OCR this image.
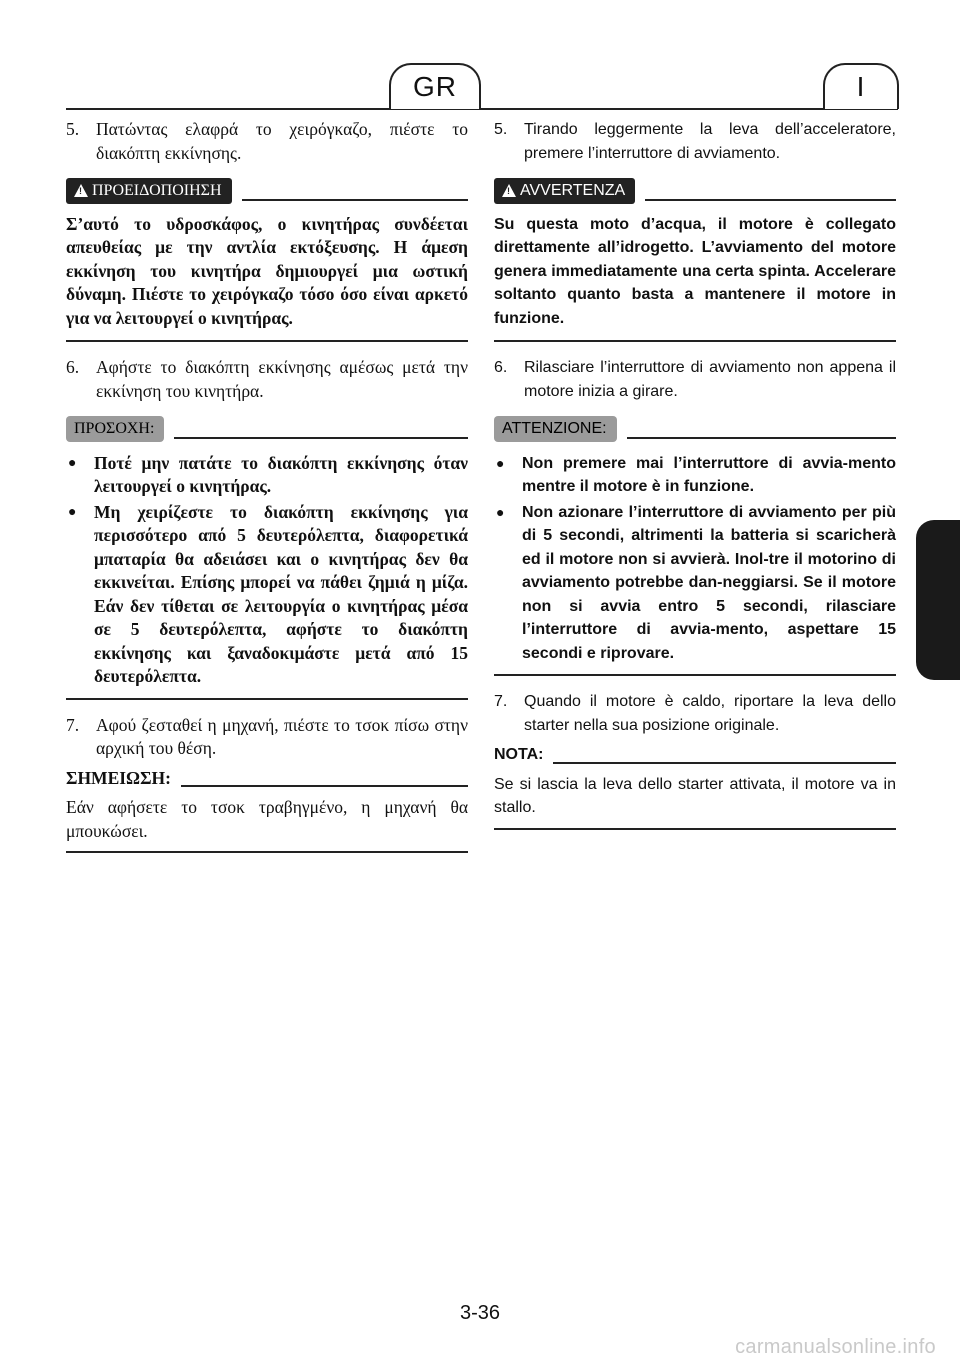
GR	I
5. Πατώντας ελαφρά το χειρόγκαζο, πιέστε το διακόπτη εκκίνησης.
!
ΠΡΟΕΙΔΟΠΟΙΗΣΗ
Σ’αυτό το υδροσκάφος, ο κινητήρας συνδέεται απευθείας με την αντλία εκτόξευσης. Η άμεση εκκίνηση του κινητήρα δημιουργεί μια ωστική δύναμη. Πιέστε το χειρόγκαζο τόσο όσο είναι αρκετό για να λειτουργεί ο κινητήρας.
6. Αφήστε το διακόπτη εκκίνησης αμέσως μετά την εκκίνηση του κινητήρα.
ΠΡΟΣΟΧΗ:
●	Ποτέ μην πατάτε το διακόπτη εκκίνησης όταν λειτουργεί ο κινητήρας.
●	Μη χειρίζεστε το διακόπτη εκκίνησης για περισσότερο από 5 δευτερόλεπτα, διαφορετικά μπαταρία θα αδειάσει και ο κινητήρας δεν θα εκκινείται. Επίσης μπορεί να πάθει ζημιά η μίζα. Εάν δεν τίθεται σε λειτουργία ο κινητήρας μέσα σε 5 δευτερόλεπτα, αφήστε το διακόπτη εκκίνησης και ξαναδοκιμάστε μετά από 15 δευτερόλεπτα.
7. Αφού ζεσταθεί η μηχανή, πιέστε το τσοκ πίσω στην αρχική του θέση.
ΣΗΜΕΙΩΣΗ:
Εάν αφήσετε το τσοκ τραβηγμένο, η μηχανή θα μπουκώσει.
5.	Tirando leggermente la leva dell’acceleratore, premere l’interruttore di avviamento.
!
AVVERTENZA
Su questa moto d’acqua, il motore è collegato direttamente all’idrogetto. L’avviamento del motore genera immediatamente una certa spinta. Accelerare soltanto quanto basta a mantenere il motore in funzione.
6.	Rilasciare l’interruttore di avviamento non appena il motore inizia a girare.
ATTENZIONE:
●	Non premere mai l’interruttore di avvia-mento mentre il motore è in funzione.
●	Non azionare l’interruttore di avviamento per più di 5 secondi, altrimenti la batteria si scaricherà ed il motore non si avvierà. Inol-tre il motorino di avviamento potrebbe dan-neggiarsi. Se il motore non si avvia entro 5 secondi, rilasciare l’interruttore di avvia-mento, aspettare 15 secondi e riprovare.
7.	Quando il motore è caldo, riportare la leva dello starter nella sua posizione originale.
NOTA:
Se si lascia la leva dello starter attivata, il motore va in stallo.
3-36
carmanualsonline.info
